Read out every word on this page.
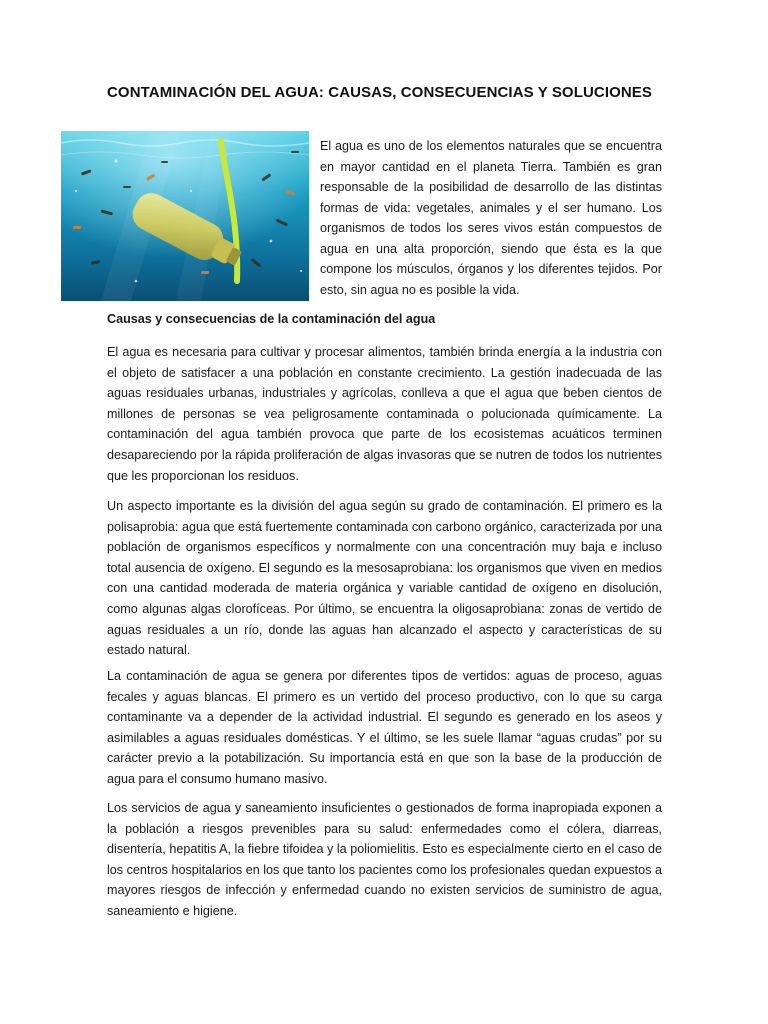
CONTAMINACIÓN DEL AGUA: CAUSAS, CONSECUENCIAS Y SOLUCIONES

El agua es uno de los elementos naturales que se encuentra en mayor cantidad en el planeta Tierra. También es gran responsable de la posibilidad de desarrollo de las distintas formas de vida: vegetales, animales y el ser humano. Los organismos de todos los seres vivos están compuestos de agua en una alta proporción, siendo que ésta es la que compone los músculos, órganos y los diferentes tejidos. Por esto, sin agua no es posible la vida.

Causas y consecuencias de la contaminación del agua

El agua es necesaria para cultivar y procesar alimentos, también brinda energía a la industria con el objeto de satisfacer a una población en constante crecimiento. La gestión inadecuada de las aguas residuales urbanas, industriales y agrícolas, conlleva a que el agua que beben cientos de millones de personas se vea peligrosamente contaminada o polucionada químicamente. La contaminación del agua también provoca que parte de los ecosistemas acuáticos terminen desapareciendo por la rápida proliferación de algas invasoras que se nutren de todos los nutrientes que les proporcionan los residuos.

Un aspecto importante es la división del agua según su grado de contaminación. El primero es la polisaprobia: agua que está fuertemente contaminada con carbono orgánico, caracterizada por una población de organismos específicos y normalmente con una concentración muy baja e incluso total ausencia de oxígeno. El segundo es la mesosaprobiana: los organismos que viven en medios con una cantidad moderada de materia orgánica y variable cantidad de oxígeno en disolución, como algunas algas clorofíceas. Por último, se encuentra la oligosaprobiana: zonas de vertido de aguas residuales a un río, donde las aguas han alcanzado el aspecto y características de su estado natural.

La contaminación de agua se genera por diferentes tipos de vertidos: aguas de proceso, aguas fecales y aguas blancas. El primero es un vertido del proceso productivo, con lo que su carga contaminante va a depender de la actividad industrial. El segundo es generado en los aseos y asimilables a aguas residuales domésticas. Y el último, se les suele llamar “aguas crudas” por su carácter previo a la potabilización. Su importancia está en que son la base de la producción de agua para el consumo humano masivo.

Los servicios de agua y saneamiento insuficientes o gestionados de forma inapropiada exponen a la población a riesgos prevenibles para su salud: enfermedades como el cólera, diarreas, disentería, hepatitis A, la fiebre tifoidea y la poliomielitis. Esto es especialmente cierto en el caso de los centros hospitalarios en los que tanto los pacientes como los profesionales quedan expuestos a mayores riesgos de infección y enfermedad cuando no existen servicios de suministro de agua, saneamiento e higiene.
